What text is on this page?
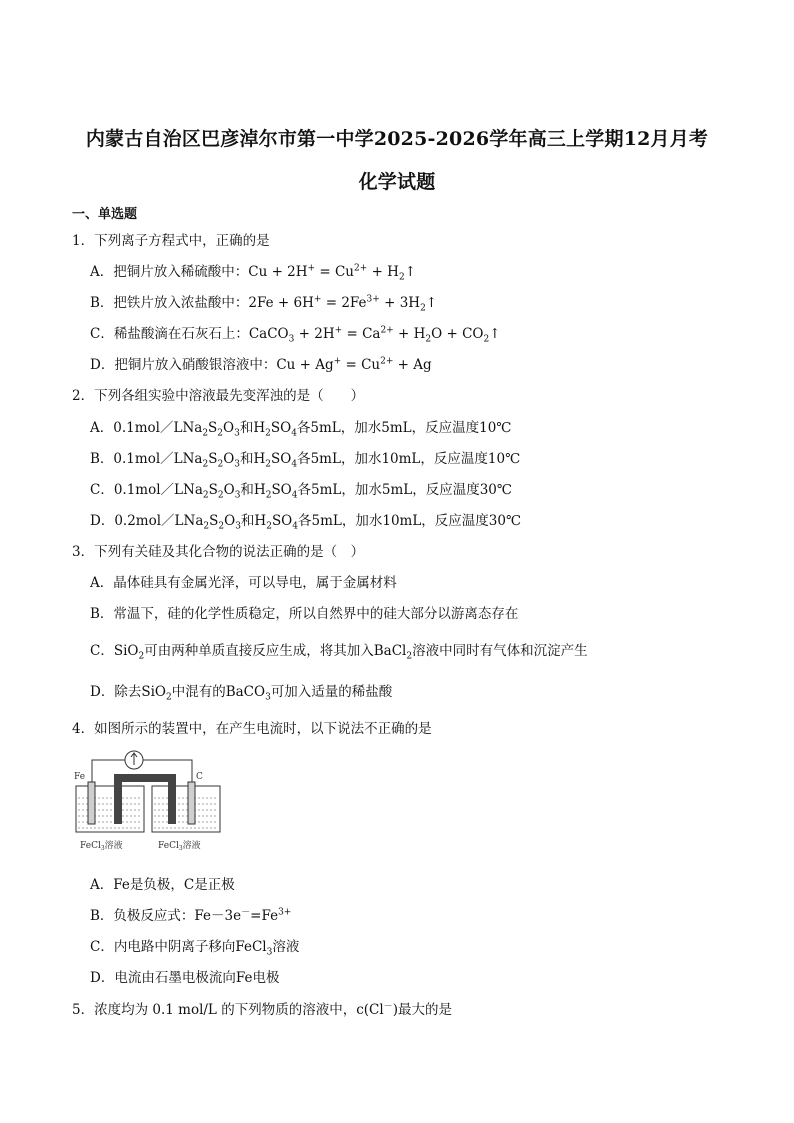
内蒙古自治区巴彦淖尔市第一中学2025-2026学年高三上学期12月月考
化学试题
一、单选题
1．下列离子方程式中，正确的是
A．把铜片放入稀硫酸中：$Cu + 2H^+ = Cu^{2+}$ + $H_2↑$
B．把铁片放入浓盐酸中：$2Fe + 6H^+ = 2Fe^{3+}$ + $3H_2↑$
C．稀盐酸滴在石灰石上：CaCO$_3$ + $2H^+ = Ca^{2+} + H_2O$ + $CO_2↑$
D．把铜片放入硝酸银溶液中：$Cu + Ag^+ = Cu^{2+} + Ag$
2．下列各组实验中溶液最先变浑浊的是（　　）
A．$0.1mol/LNa_2S_2O_3$和$H_2SO_4$各5mL，加水5mL，反应温度10℃
B．$0.1mol/LNa_2S_2O_3$和$H_2SO_4$各5mL，加水10mL，反应温度10℃
C．$0.1mol/LNa_2S_2O_3$和$H_2SO_4$各5mL，加水5mL，反应温度30℃
D．$0.2mol/LNa_2S_2O_3$和$H_2SO_4$各5mL，加水10mL，反应温度30℃
3．下列有关硅及其化合物的说法正确的是（　）
A．晶体硅具有金属光泽，可以导电，属于金属材料
B．常温下，硅的化学性质稳定，所以自然界中的硅大部分以游离态存在
C．SiO$_2$可由两种单质直接反应生成，将其加入BaCl$_2$溶液中同时有气体和沉淀产生
D．除去SiO$_2$中混有的BaCO$_3$可加入适量的稀盐酸
4．如图所示的装置中，在产生电流时，以下说法不正确的是
Fe	C
FeCl$_3$溶液	FeCl$_3$溶液
A．Fe是负极，C是正极
B．负极反应式：$Fe-3e^-=Fe^{3+}$
C．内电路中阴离子移向FeCl$_3$溶液
D．电流由石墨电极流向Fe电极
5．浓度均为 0.1 mol/L 的下列物质的溶液中，c(Cl－)最大的是
